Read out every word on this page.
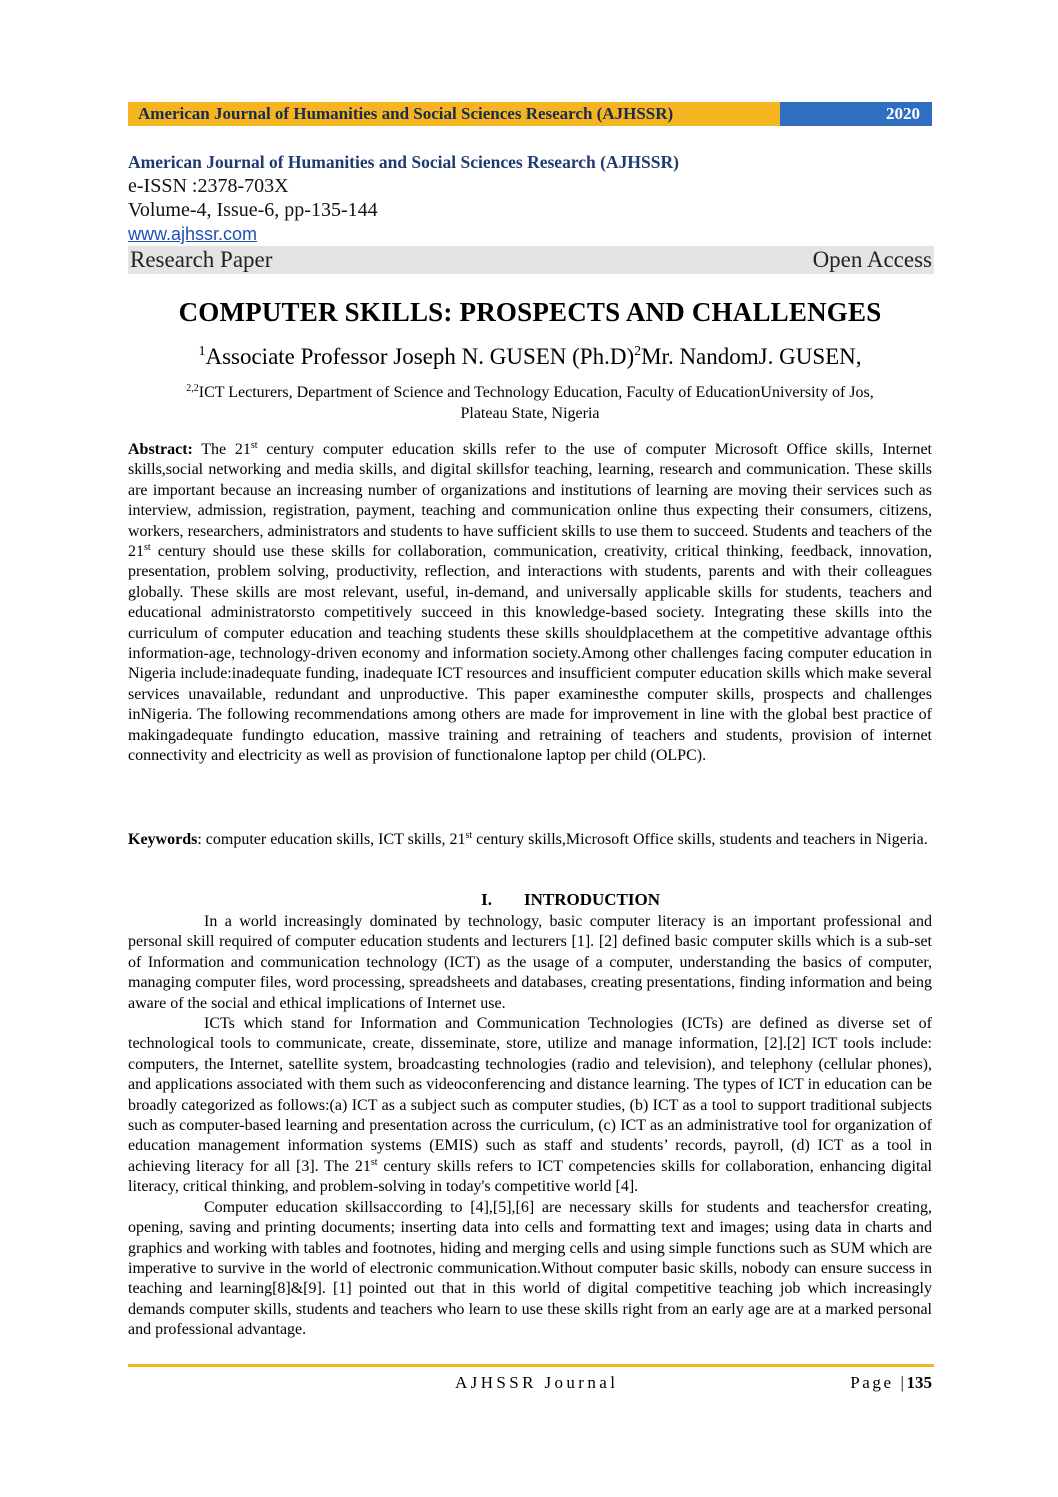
American Journal of Humanities and Social Sciences Research (AJHSSR)	2020
American Journal of Humanities and Social Sciences Research (AJHSSR)
e-ISSN :2378-703X
Volume-4, Issue-6, pp-135-144
www.ajhssr.com
Research Paper	Open Access
COMPUTER SKILLS: PROSPECTS AND CHALLENGES
$^1$Associate Professor Joseph N. GUSEN $(Ph.D)^2Mr$. NandomJ. GUSEN,
$^{2,2}$ICT Lecturers, Department of Science and Technology Education, Faculty of EducationUniversity of Jos,
Plateau State, Nigeria
Abstract: The 21st century computer education skills refer to the use of computer Microsoft Office skills, Internet skills,social networking and media skills, and digital skillsfor teaching, learning, research and communication. These skills are important because an increasing number of organizations and institutions of learning are moving their services such as interview, admission, registration, payment, teaching and communication online thus expecting their consumers, citizens, workers, researchers, administrators and students to have sufficient skills to use them to succeed. Students and teachers of the 21st century should use these skills for collaboration, communication, creativity, critical thinking, feedback, innovation, presentation, problem solving, productivity, reflection, and interactions with students, parents and with their colleagues globally. These skills are most relevant, useful, in-demand, and universally applicable skills for students, teachers and educational administratorsto competitively succeed in this knowledge-based society. Integrating these skills into the curriculum of computer education and teaching students these skills shouldplacethem at the competitive advantage ofthis information-age, technology-driven economy and information society.Among other challenges facing computer education in Nigeria include:inadequate funding, inadequate ICT resources and insufficient computer education skills which make several services unavailable, redundant and unproductive. This paper examinesthe computer skills, prospects and challenges inNigeria. The following recommendations among others are made for improvement in line with the global best practice of makingadequate fundingto education, massive training and retraining of teachers and students, provision of internet connectivity and electricity as well as provision of functionalone laptop per child (OLPC).
Keywords: computer education skills, ICT skills, 21st century skills,Microsoft Office skills, students and teachers in Nigeria.
I. INTRODUCTION

In a world increasingly dominated by technology, basic computer literacy is an important professional and personal skill required of computer education students and lecturers [1]. [2] defined basic computer skills which is a sub-set of Information and communication technology (ICT) as the usage of a computer, understanding the basics of computer, managing computer files, word processing, spreadsheets and databases, creating presentations, finding information and being aware of the social and ethical implications of Internet use.

ICTs which stand for Information and Communication Technologies (ICTs) are defined as diverse set of technological tools to communicate, create, disseminate, store, utilize and manage information, [2].[2] ICT tools include: computers, the Internet, satellite system, broadcasting technologies (radio and television), and telephony (cellular phones), and applications associated with them such as videoconferencing and distance learning. The types of ICT in education can be broadly categorized as follows:(a) ICT as a subject such as computer studies, (b) ICT as a tool to support traditional subjects such as computer-based learning and presentation across the curriculum, (c) ICT as an administrative tool for organization of education management information systems (EMIS) such as staff and students’ records, payroll, (d) ICT as a tool in achieving literacy for all [3]. The 21st century skills refers to ICT competencies skills for collaboration, enhancing digital literacy, critical thinking, and problem-solving in today's competitive world [4].

Computer education skillsaccording to [4],[5],[6] are necessary skills for students and teachersfor creating, opening, saving and printing documents; inserting data into cells and formatting text and images; using data in charts and graphics and working with tables and footnotes, hiding and merging cells and using simple functions such as SUM which are imperative to survive in the world of electronic communication.Without computer basic skills, nobody can ensure success in teaching and learning[8]&[9]. [1] pointed out that in this world of digital competitive teaching job which increasingly demands computer skills, students and teachers who learn to use these skills right from an early age are at a marked personal and professional advantage.

AJHSSR Journal	Page |135
